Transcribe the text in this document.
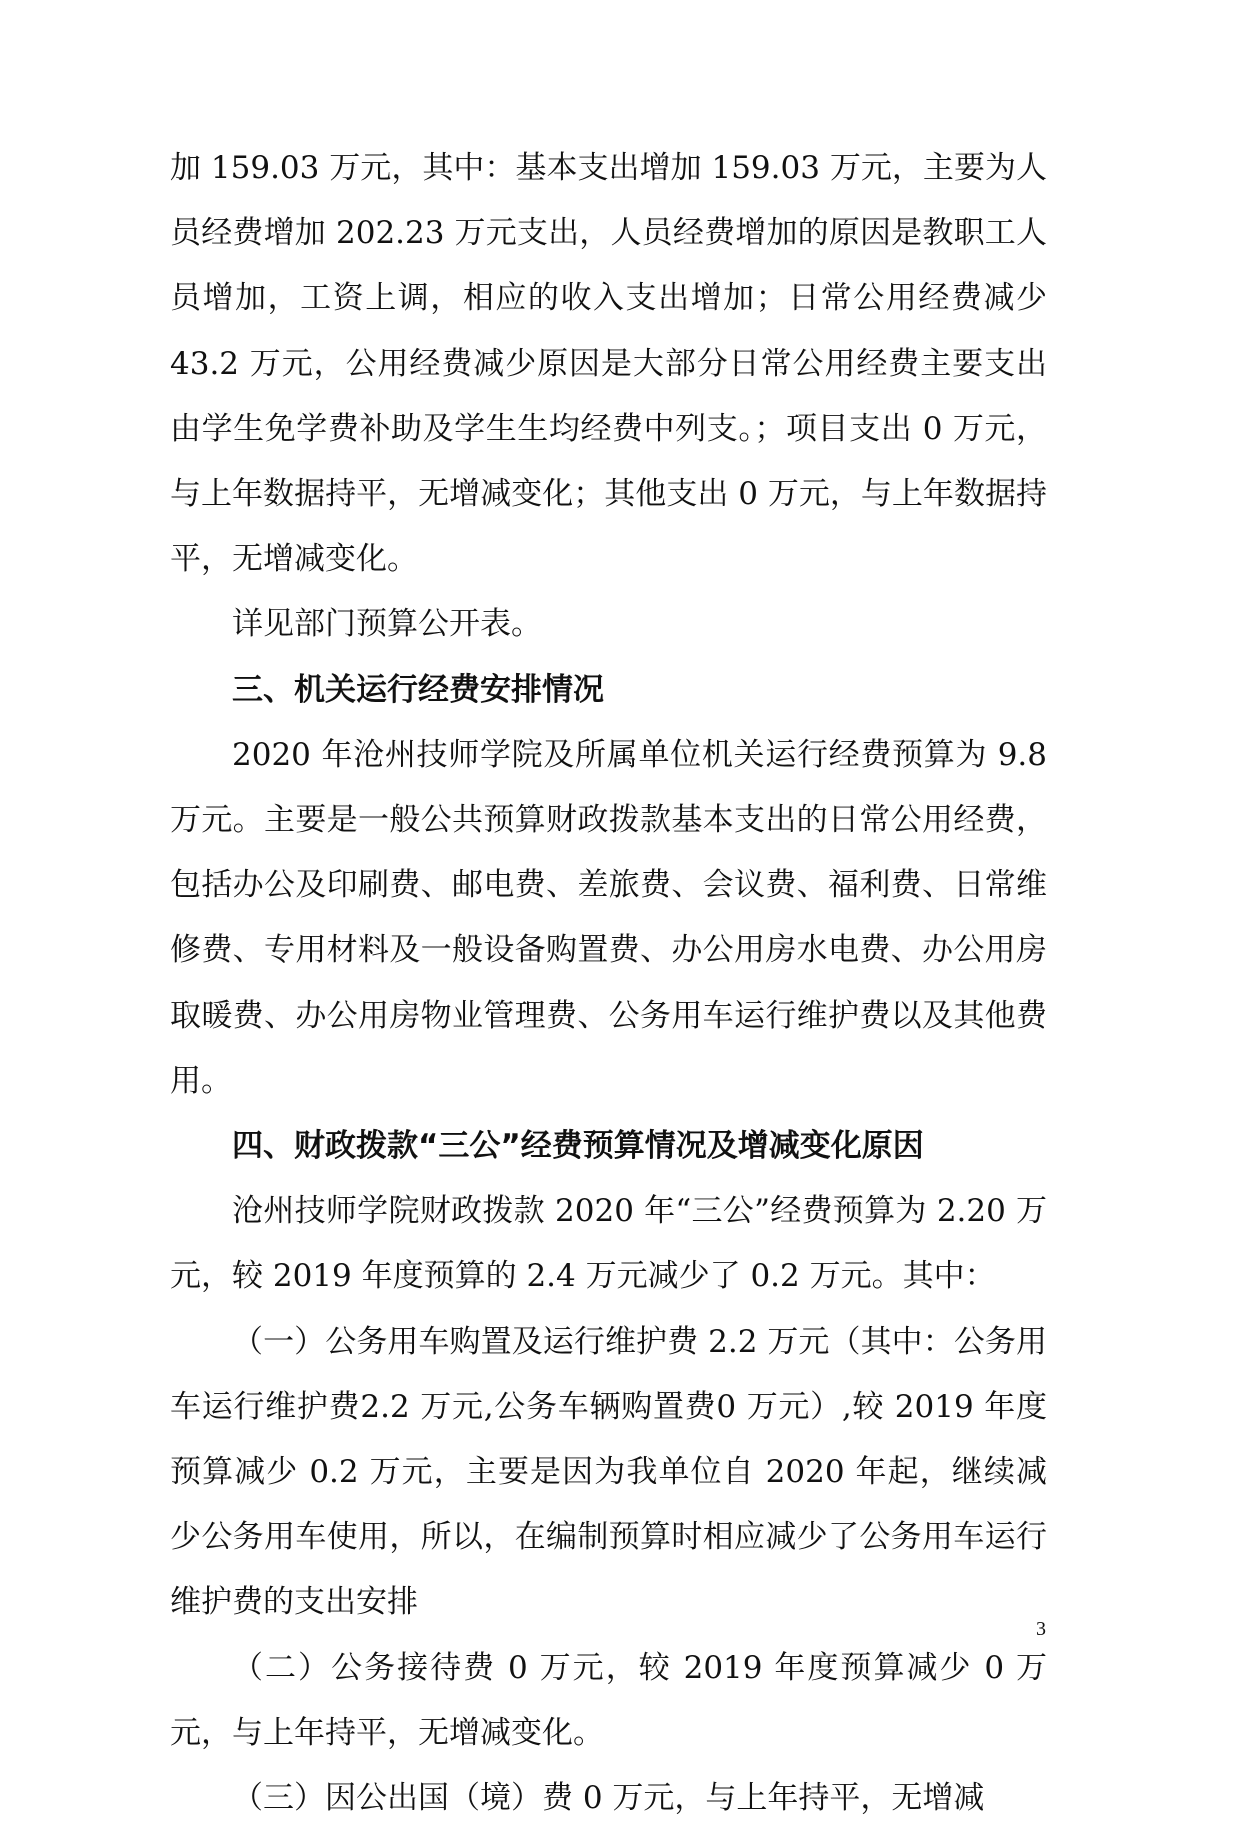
加 159.03 万元，其中：基本支出增加 159.03 万元，主要为人员经费增加 202.23 万元支出，人员经费增加的原因是教职工人员增加，工资上调，相应的收入支出增加；日常公用经费减少 43.2 万元，公用经费减少原因是大部分日常公用经费主要支出由学生免学费补助及学生生均经费中列支。；项目支出 0 万元，与上年数据持平，无增减变化；其他支出 0 万元，与上年数据持平，无增减变化。

详见部门预算公开表。

三、机关运行经费安排情况

2020 年沧州技师学院及所属单位机关运行经费预算为 9.8 万元。主要是一般公共预算财政拨款基本支出的日常公用经费，包括办公及印刷费、邮电费、差旅费、会议费、福利费、日常维修费、专用材料及一般设备购置费、办公用房水电费、办公用房取暖费、办公用房物业管理费、公务用车运行维护费以及其他费用。

四、财政拨款“三公”经费预算情况及增减变化原因

沧州技师学院财政拨款 2020 年“三公”经费预算为 2.20 万元，较 2019 年度预算的 2.4 万元减少了 0.2 万元。其中：

（一）公务用车购置及运行维护费 2.2 万元（其中：公务用车运行维护费2.2 万元,公务车辆购置费0 万元）,较 2019 年度预算减少 0.2 万元，主要是因为我单位自 2020 年起，继续减少公务用车使用，所以，在编制预算时相应减少了公务用车运行维护费的支出安排

（二）公务接待费 0 万元，较 2019 年度预算减少 0 万元，与上年持平，无增减变化。

（三）因公出国（境）费 0 万元，与上年持平，无增减

3
